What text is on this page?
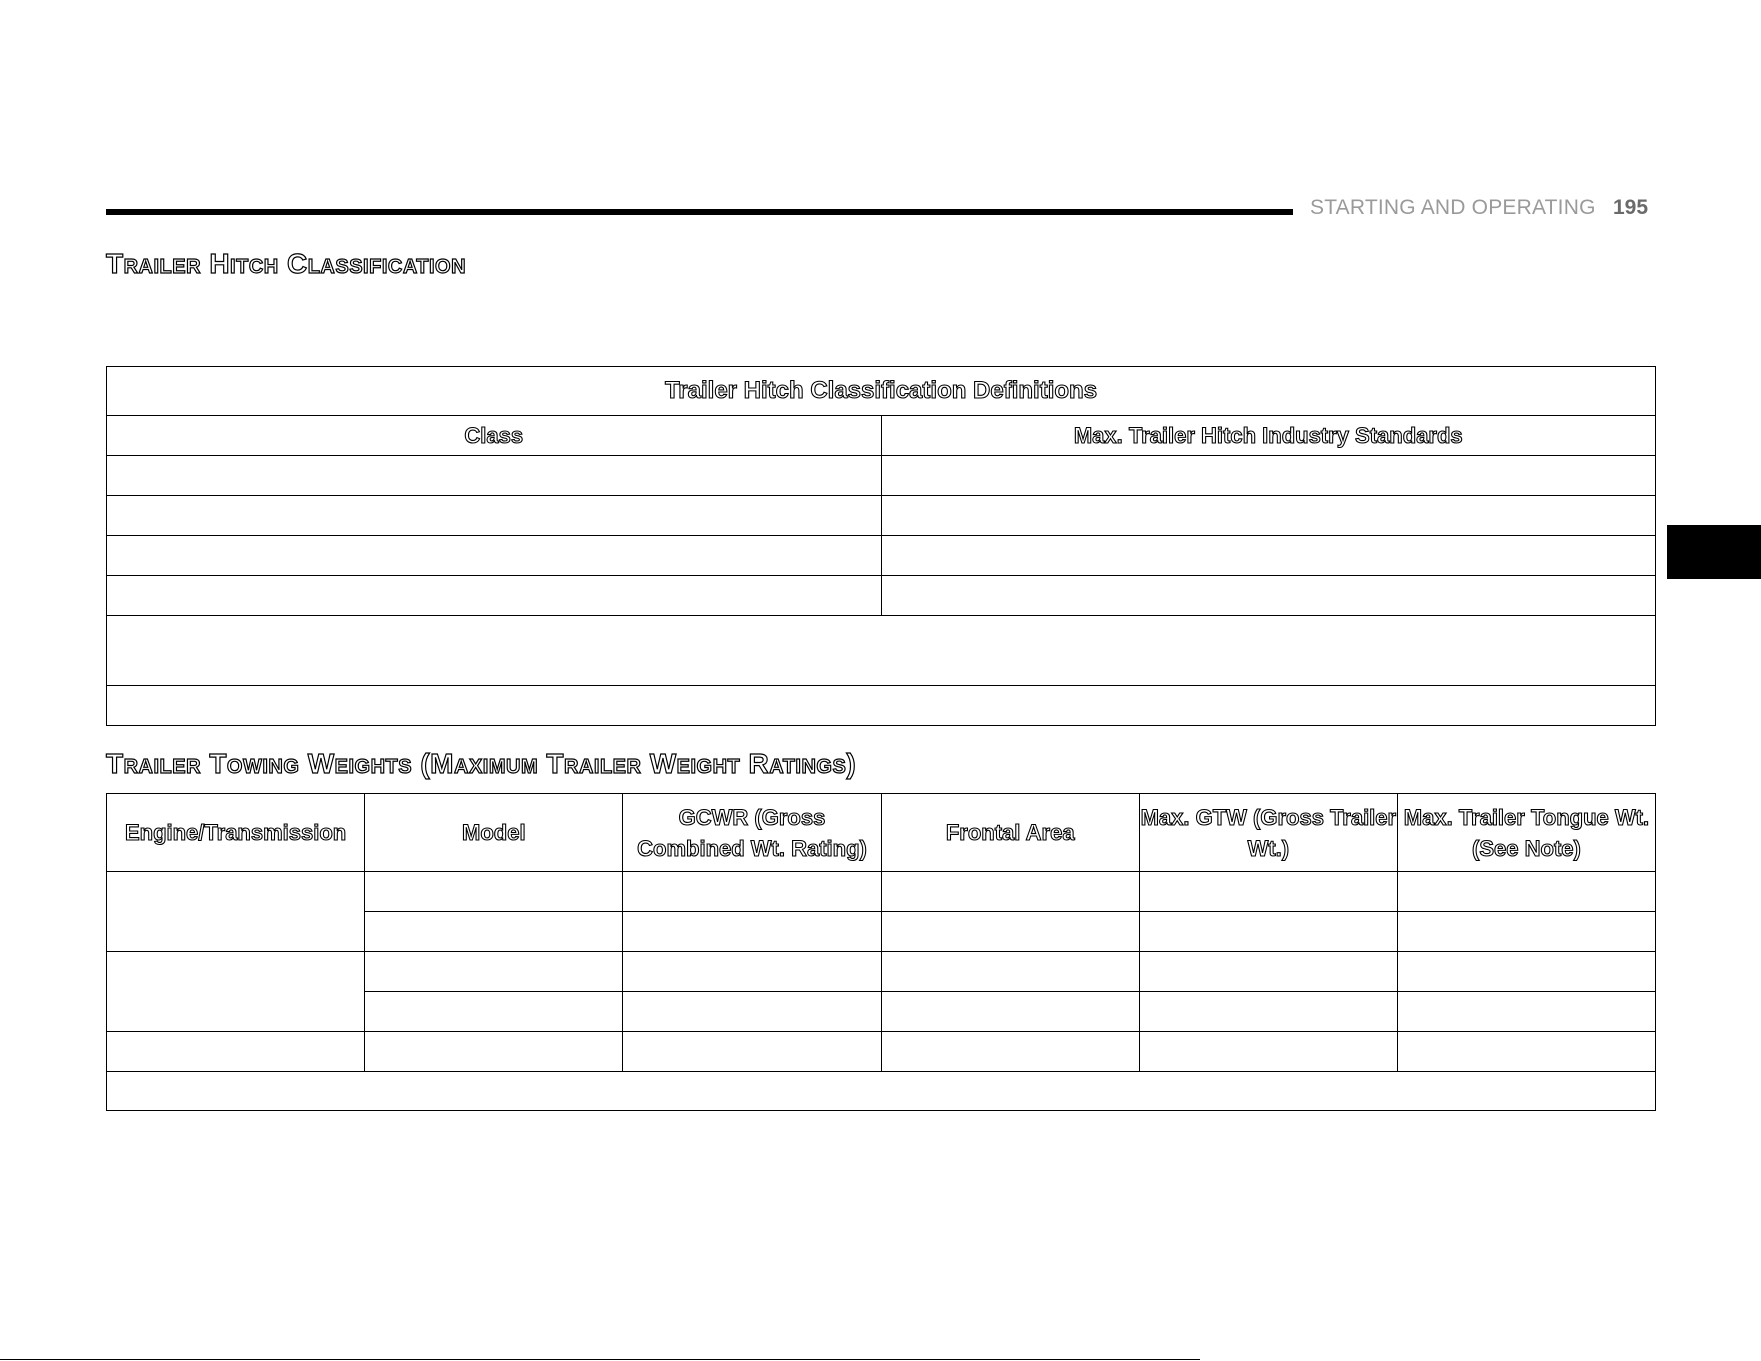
STARTING AND OPERATING 195
Trailer Hitch Classification
Trailer Hitch Classification Definitions	
Class	Max. Trailer Hitch Industry Standards

Trailer Towing Weights (Maximum Trailer Weight Ratings)
Engine/Transmission	Model	GCWR (Gross Combined Wt. Rating)	Frontal Area	Max. GTW (Gross Trailer Wt.)	Max. Trailer Tongue Wt. (See Note)
